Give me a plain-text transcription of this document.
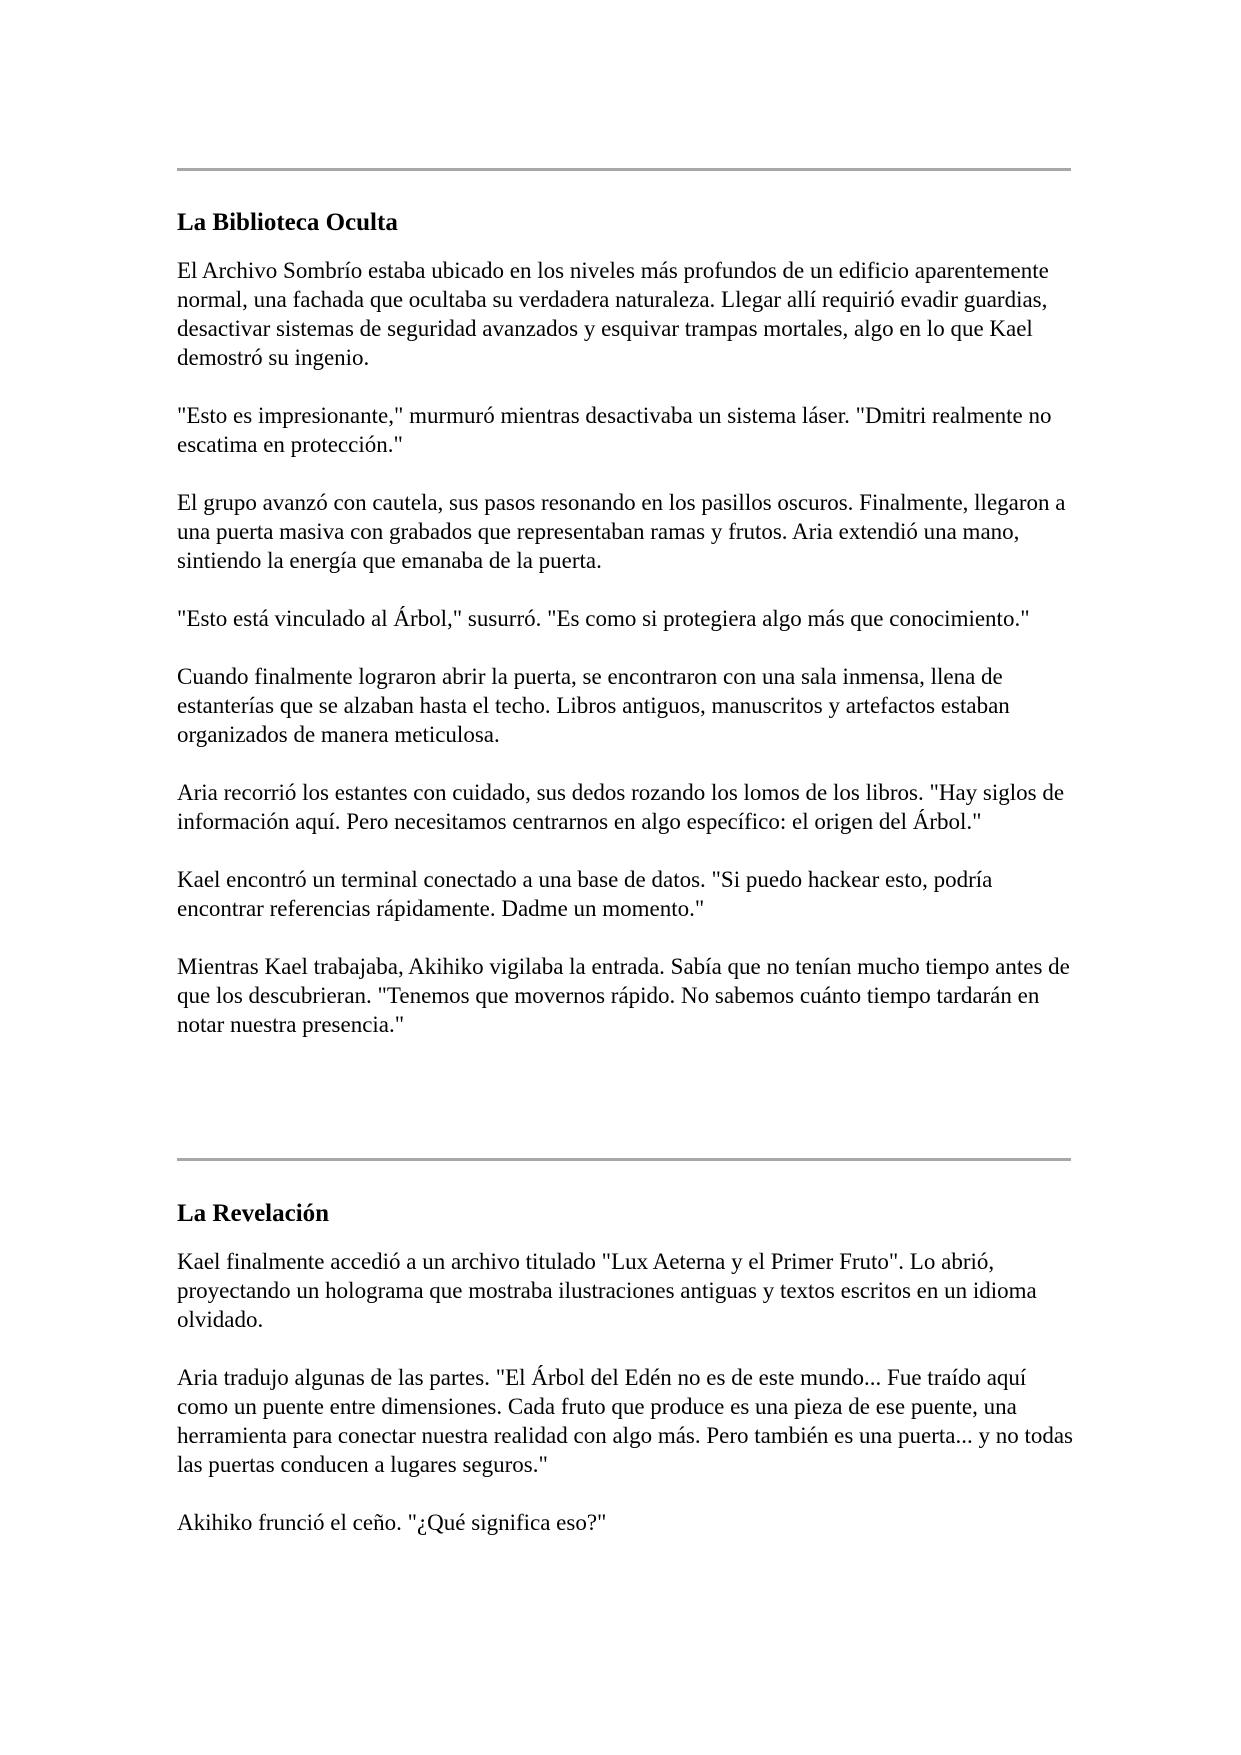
La Biblioteca Oculta

El Archivo Sombrío estaba ubicado en los niveles más profundos de un edificio aparentemente normal, una fachada que ocultaba su verdadera naturaleza. Llegar allí requirió evadir guardias, desactivar sistemas de seguridad avanzados y esquivar trampas mortales, algo en lo que Kael demostró su ingenio.

"Esto es impresionante," murmuró mientras desactivaba un sistema láser. "Dmitri realmente no escatima en protección."

El grupo avanzó con cautela, sus pasos resonando en los pasillos oscuros. Finalmente, llegaron a una puerta masiva con grabados que representaban ramas y frutos. Aria extendió una mano, sintiendo la energía que emanaba de la puerta.

"Esto está vinculado al Árbol," susurró. "Es como si protegiera algo más que conocimiento."

Cuando finalmente lograron abrir la puerta, se encontraron con una sala inmensa, llena de estanterías que se alzaban hasta el techo. Libros antiguos, manuscritos y artefactos estaban organizados de manera meticulosa.

Aria recorrió los estantes con cuidado, sus dedos rozando los lomos de los libros. "Hay siglos de información aquí. Pero necesitamos centrarnos en algo específico: el origen del Árbol."

Kael encontró un terminal conectado a una base de datos. "Si puedo hackear esto, podría encontrar referencias rápidamente. Dadme un momento."

Mientras Kael trabajaba, Akihiko vigilaba la entrada. Sabía que no tenían mucho tiempo antes de que los descubrieran. "Tenemos que movernos rápido. No sabemos cuánto tiempo tardarán en notar nuestra presencia."

La Revelación

Kael finalmente accedió a un archivo titulado "Lux Aeterna y el Primer Fruto". Lo abrió, proyectando un holograma que mostraba ilustraciones antiguas y textos escritos en un idioma olvidado.

Aria tradujo algunas de las partes. "El Árbol del Edén no es de este mundo... Fue traído aquí como un puente entre dimensiones. Cada fruto que produce es una pieza de ese puente, una herramienta para conectar nuestra realidad con algo más. Pero también es una puerta... y no todas las puertas conducen a lugares seguros."

Akihiko frunció el ceño. "¿Qué significa eso?"
